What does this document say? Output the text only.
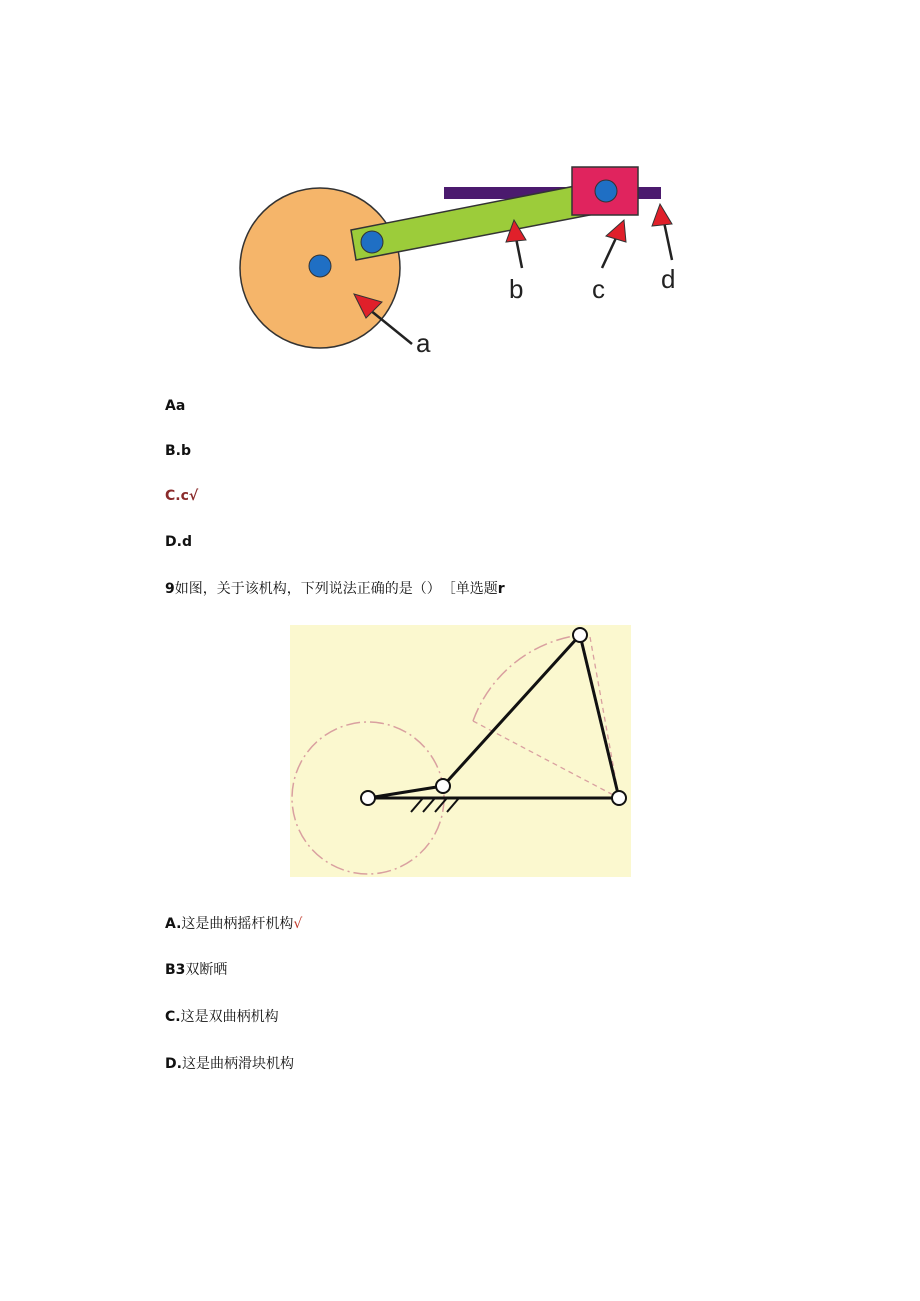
a
b	c d
Aa
B.b
C.c√
D.d
9如图，关于该机构，下列说法正确的是（） ［单选题r
A.这是曲柄摇杆机构√
B3双断晒
C.这是双曲柄机构
D.这是曲柄滑块机构
